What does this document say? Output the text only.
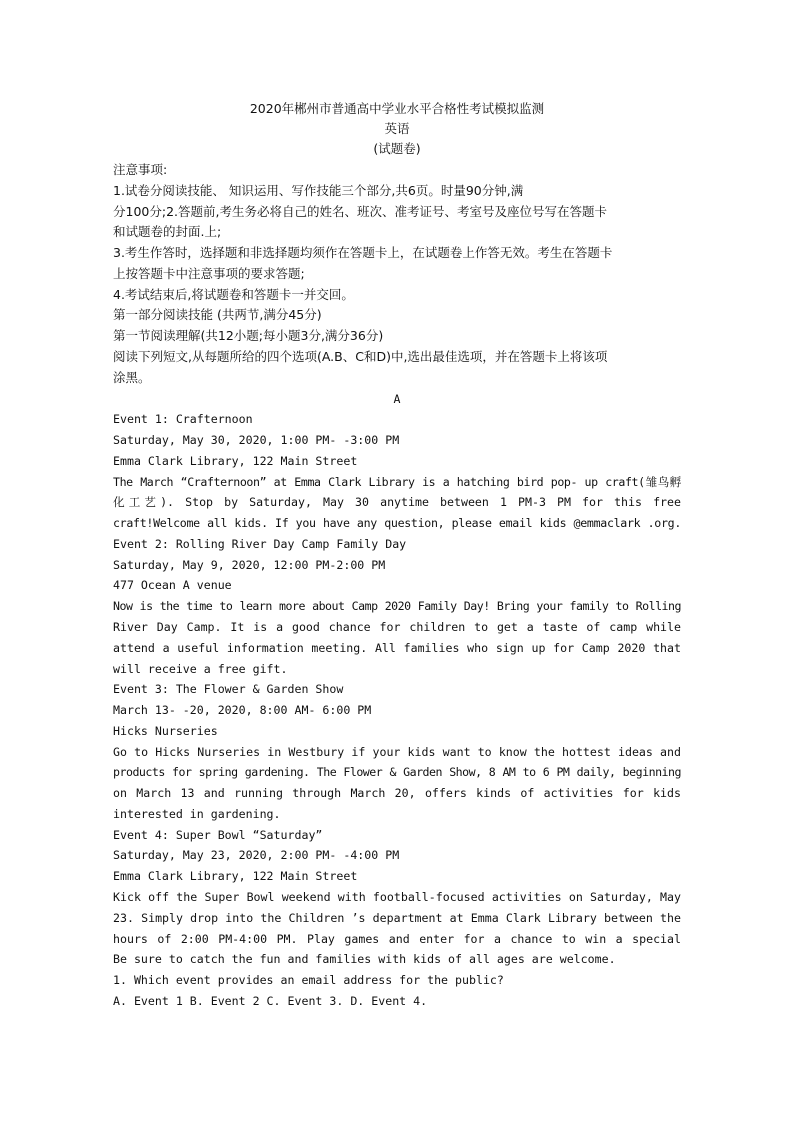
2020年郴州市普通高中学业水平合格性考试模拟监测
英语
(试题卷)
注意事项:
1.试卷分阅读技能、 知识运用、写作技能三个部分,共6页。时量90分钟,满
分100分;2.答题前,考生务必将自己的姓名、班次、准考证号、考室号及座位号写在答题卡
和试题卷的封面.上;
3.考生作答时，选择题和非选择题均须作在答题卡上，在试题卷上作答无效。考生在答题卡
上按答题卡中注意事项的要求答题;
4.考试结束后,将试题卷和答题卡一并交回。
第一部分阅读技能 (共两节,满分45分)
第一节阅读理解(共12小题;每小题3分,满分36分)
阅读下列短文,从每题所给的四个选项(A.B、C和D)中,选出最佳选项，并在答题卡上将该项
涂黑。
A
Event 1: Crafternoon
Saturday, May 30, 2020, 1:00 PM- -3:00 PM
Emma Clark Library, 122 Main Street
The March “Crafternoon” at Emma Clark Library is a hatching bird pop- up craft(雏鸟孵
化工艺). Stop by Saturday, May 30 anytime between 1 PM-3 PM for this free
craft!Welcome all kids. If you have any question, please email kids @emmaclark .org.
Event 2: Rolling River Day Camp Family Day
Saturday, May 9, 2020, 12:00 PM-2:00 PM
477 Ocean A venue
Now is the time to learn more about Camp 2020 Family Day! Bring your family to Rolling
River Day Camp. It is a good chance for children to get a taste of camp while
attend a useful information meeting. All families who sign up for Camp 2020 that
will receive a free gift.
Event 3: The Flower & Garden Show
March 13- -20, 2020, 8:00 AM- 6:00 PM
Hicks Nurseries
Go to Hicks Nurseries in Westbury if your kids want to know the hottest ideas and
products for spring gardening. The Flower & Garden Show, 8 AM to 6 PM daily, beginning
on March 13 and running through March 20, offers kinds of activities for kids
interested in gardening.
Event 4: Super Bowl “Saturday”
Saturday, May 23, 2020, 2:00 PM- -4:00 PM
Emma Clark Library, 122 Main Street
Kick off the Super Bowl weekend with football-focused activities on Saturday, May
23. Simply drop into the Children ’s department at Emma Clark Library between the
hours of 2:00 PM-4:00 PM. Play games and enter for a chance to win a special
Be sure to catch the fun and families with kids of all ages are welcome.
1. Which event provides an email address for the public?
A. Event 1 B. Event 2 C. Event 3. D. Event 4.
